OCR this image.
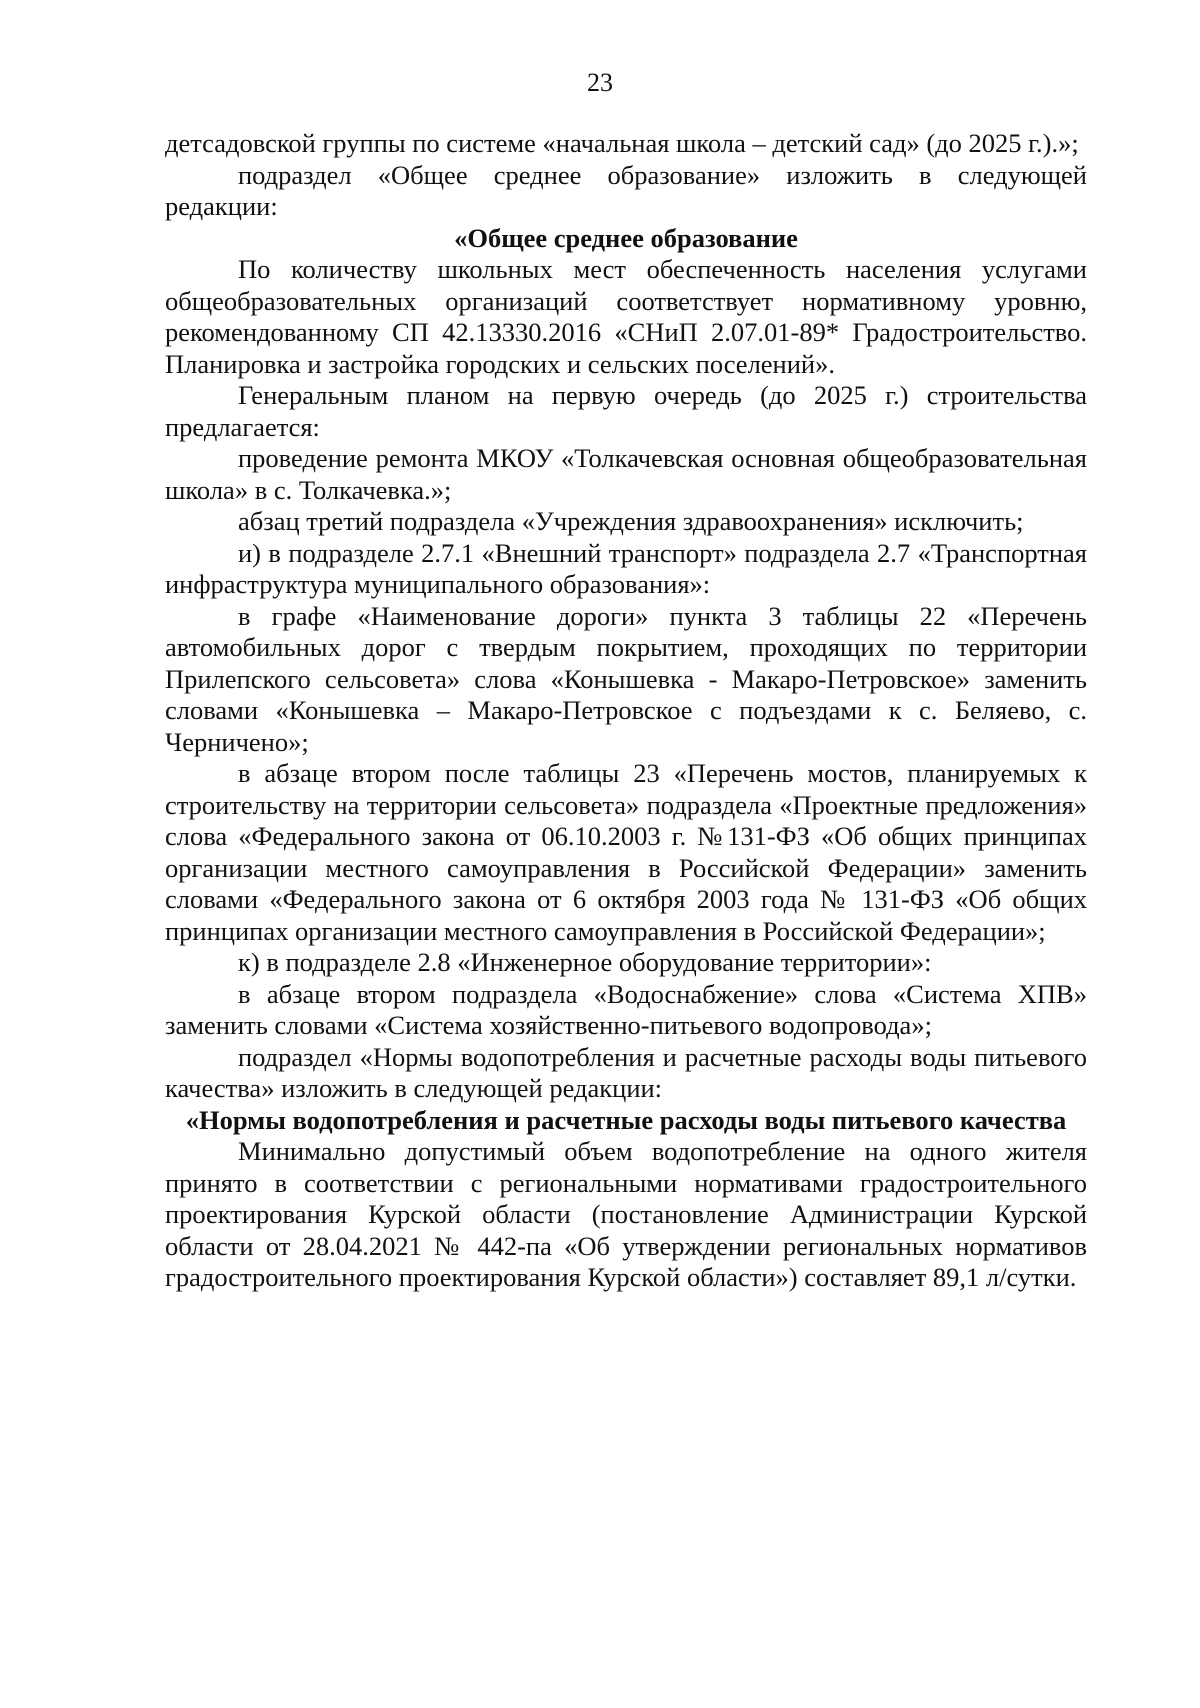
23

детсадовской группы по системе «начальная школа – детский сад» (до 2025 г.).»;

подраздел «Общее среднее образование» изложить в следующей редакции:

«Общее среднее образование

По количеству школьных мест обеспеченность населения услугами общеобразовательных организаций соответствует нормативному уровню, рекомендованному СП 42.13330.2016 «СНиП 2.07.01-89* Градостроительство. Планировка и застройка городских и сельских поселений».

Генеральным планом на первую очередь (до 2025 г.) строительства предлагается:

проведение ремонта МКОУ «Толкачевская основная общеобразовательная школа» в с. Толкачевка.»;

абзац третий подраздела «Учреждения здравоохранения» исключить;

и) в подразделе 2.7.1 «Внешний транспорт» подраздела 2.7 «Транспортная инфраструктура муниципального образования»:

в графе «Наименование дороги» пункта 3 таблицы 22 «Перечень автомобильных дорог с твердым покрытием, проходящих по территории Прилепского сельсовета» слова «Конышевка - Макаро-Петровское» заменить словами «Конышевка – Макаро-Петровское с подъездами к с. Беляево, с. Черничено»;

в абзаце втором после таблицы 23 «Перечень мостов, планируемых к строительству на территории сельсовета» подраздела «Проектные предложения» слова «Федерального закона от 06.10.2003 г. №131-ФЗ «Об общих принципах организации местного самоуправления в Российской Федерации» заменить словами «Федерального закона от 6 октября 2003 года № 131-ФЗ «Об общих принципах организации местного самоуправления в Российской Федерации»;

к) в подразделе 2.8 «Инженерное оборудование территории»:

в абзаце втором подраздела «Водоснабжение» слова «Система ХПВ» заменить словами «Система хозяйственно-питьевого водопровода»;

подраздел «Нормы водопотребления и расчетные расходы воды питьевого качества» изложить в следующей редакции:

«Нормы водопотребления и расчетные расходы воды питьевого качества

Минимально допустимый объем водопотребление на одного жителя принято в соответствии с региональными нормативами градостроительного проектирования Курской области (постановление Администрации Курской области от 28.04.2021 № 442-па «Об утверждении региональных нормативов градостроительного проектирования Курской области») составляет 89,1 л/сутки.
